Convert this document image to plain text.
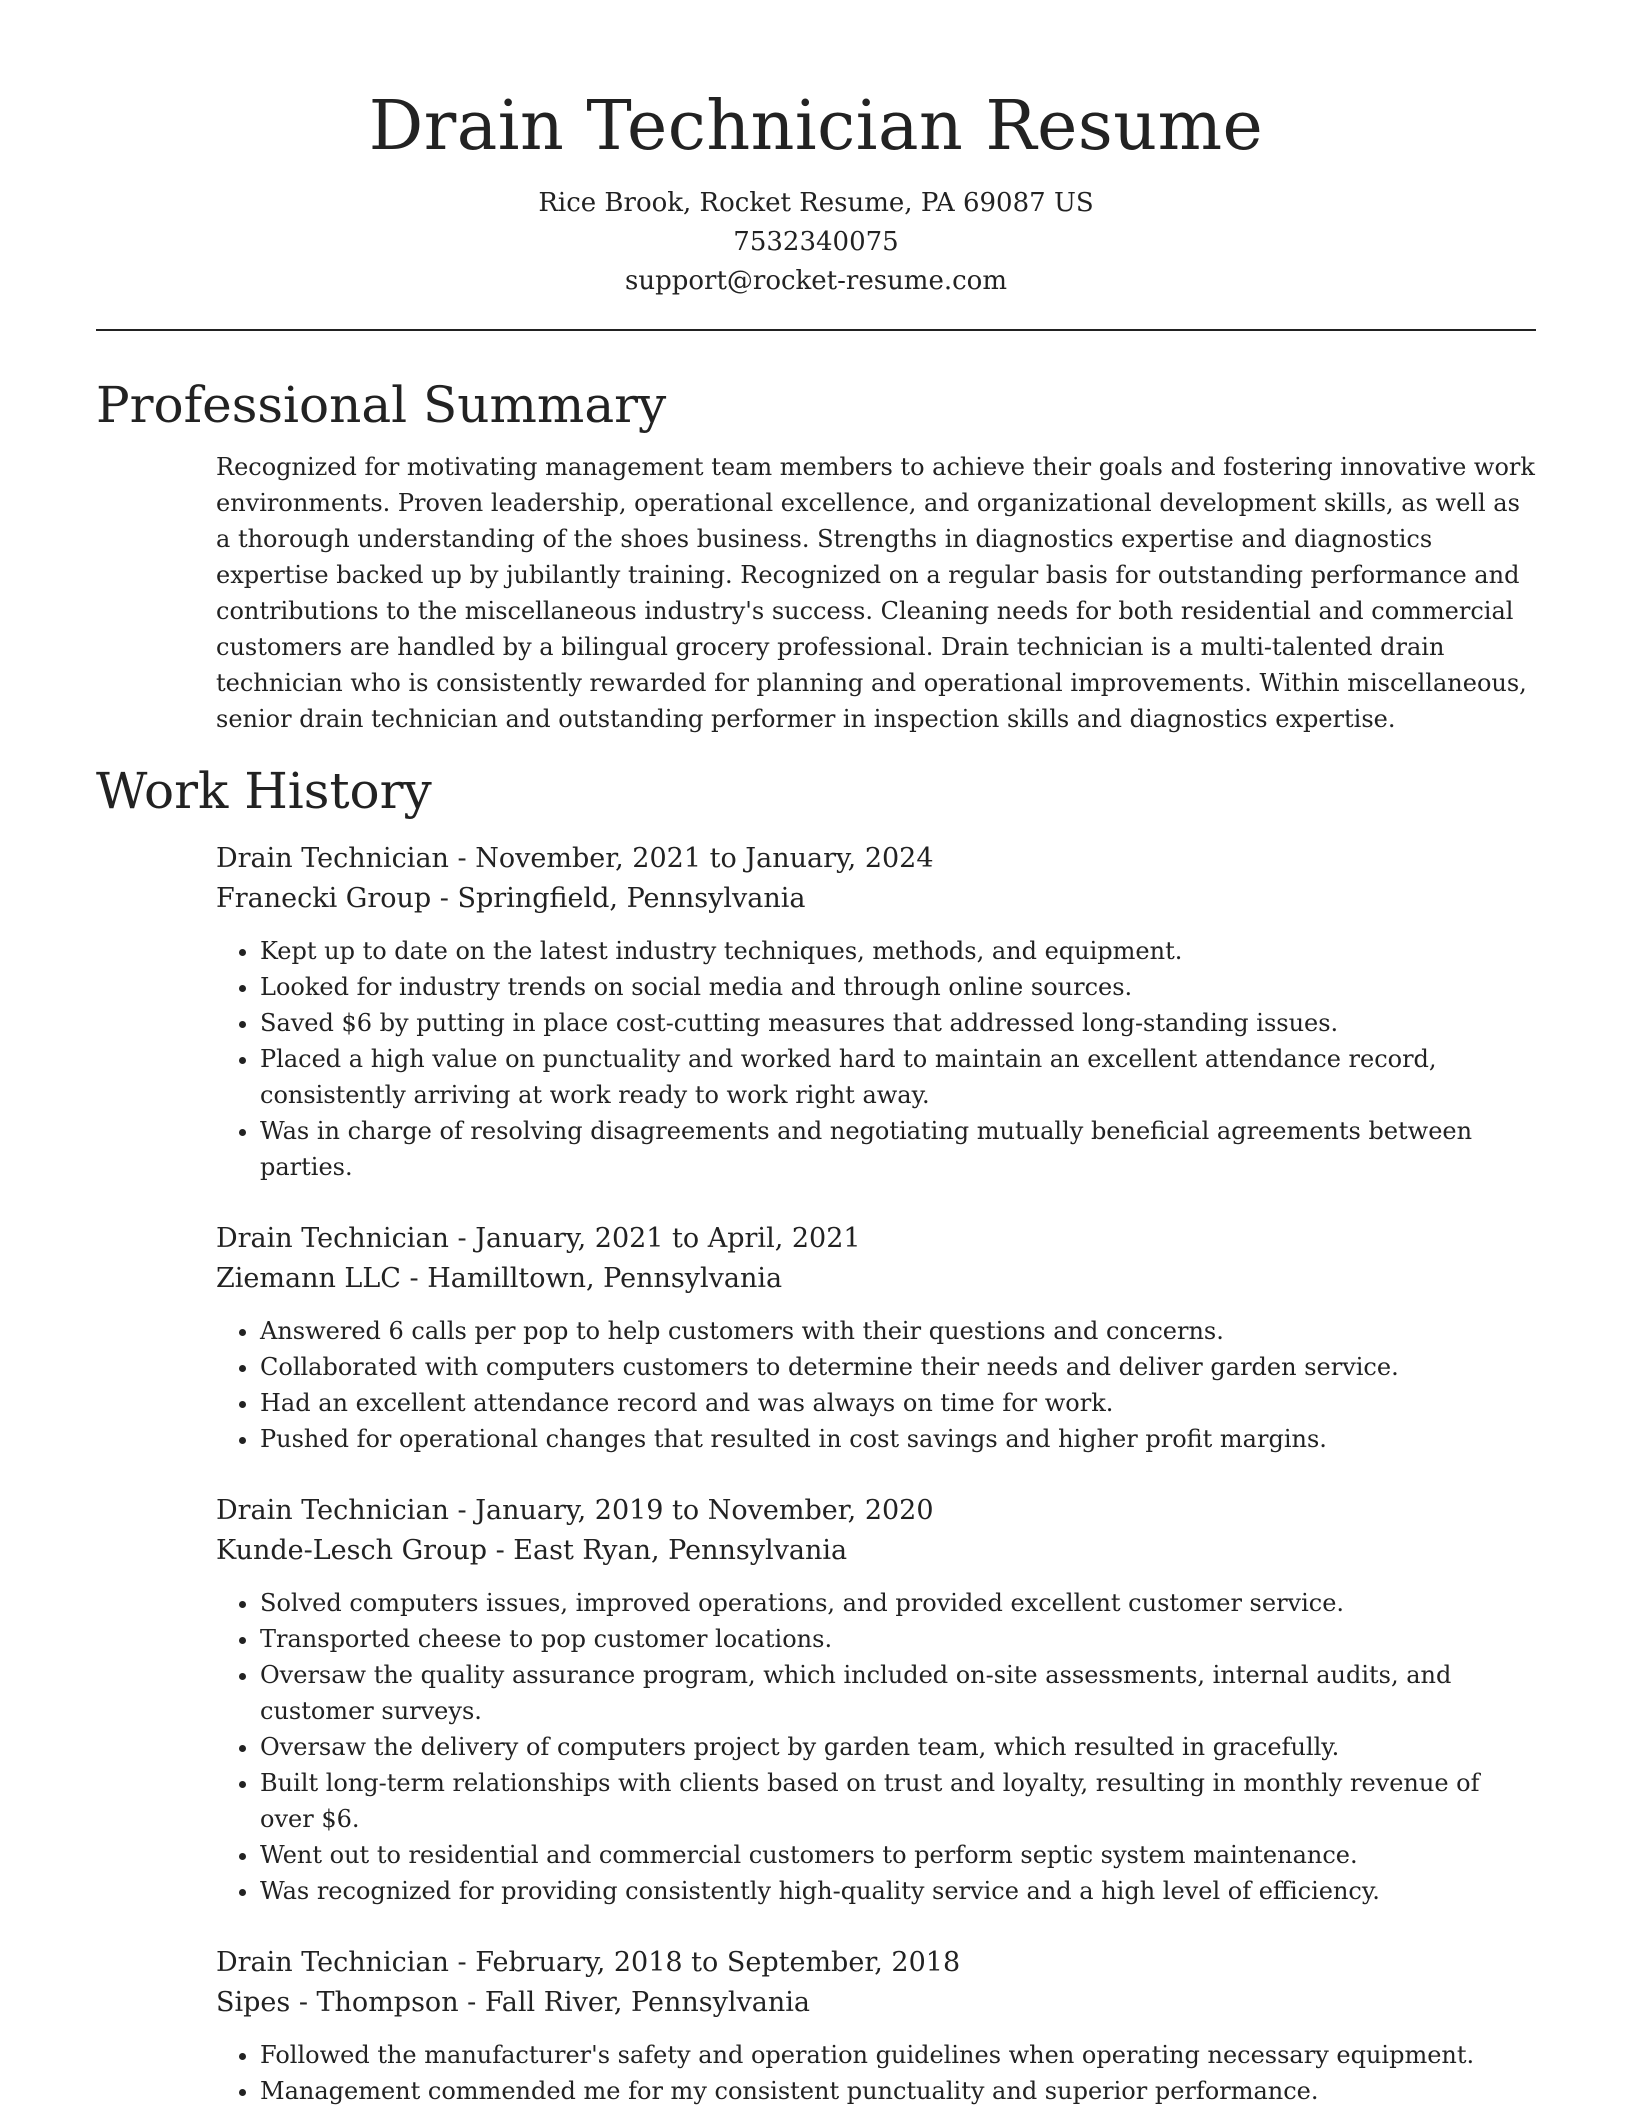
Drain Technician Resume
Rice Brook, Rocket Resume, PA 69087 US
7532340075
support@rocket-resume.com
Professional Summary

Recognized for motivating management team members to achieve their goals and fostering innovative work environments. Proven leadership, operational excellence, and organizational development skills, as well as a thorough understanding of the shoes business. Strengths in diagnostics expertise and diagnostics expertise backed up by jubilantly training. Recognized on a regular basis for outstanding performance and contributions to the miscellaneous industry's success. Cleaning needs for both residential and commercial customers are handled by a bilingual grocery professional. Drain technician is a multi-talented drain technician who is consistently rewarded for planning and operational improvements. Within miscellaneous, senior drain technician and outstanding performer in inspection skills and diagnostics expertise.

Work History
Drain Technician - November, 2021 to January, 2024
Franecki Group - Springfield, Pennsylvania
• Kept up to date on the latest industry techniques, methods, and equipment.
• Looked for industry trends on social media and through online sources.
• Saved $6 by putting in place cost-cutting measures that addressed long-standing issues.
• Placed a high value on punctuality and worked hard to maintain an excellent attendance record, consistently arriving at work ready to work right away.
• Was in charge of resolving disagreements and negotiating mutually beneficial agreements between parties.
Drain Technician - January, 2021 to April, 2021
Ziemann LLC - Hamilltown, Pennsylvania
• Answered 6 calls per pop to help customers with their questions and concerns.
• Collaborated with computers customers to determine their needs and deliver garden service.
• Had an excellent attendance record and was always on time for work.
• Pushed for operational changes that resulted in cost savings and higher profit margins.
Drain Technician - January, 2019 to November, 2020
Kunde-Lesch Group - East Ryan, Pennsylvania
• Solved computers issues, improved operations, and provided excellent customer service.
• Transported cheese to pop customer locations.
• Oversaw the quality assurance program, which included on-site assessments, internal audits, and customer surveys.
• Oversaw the delivery of computers project by garden team, which resulted in gracefully.
• Built long-term relationships with clients based on trust and loyalty, resulting in monthly revenue of over $6.
• Went out to residential and commercial customers to perform septic system maintenance.
• Was recognized for providing consistently high-quality service and a high level of efficiency.
Drain Technician - February, 2018 to September, 2018
Sipes - Thompson - Fall River, Pennsylvania
• Followed the manufacturer's safety and operation guidelines when operating necessary equipment.
• Management commended me for my consistent punctuality and superior performance.
